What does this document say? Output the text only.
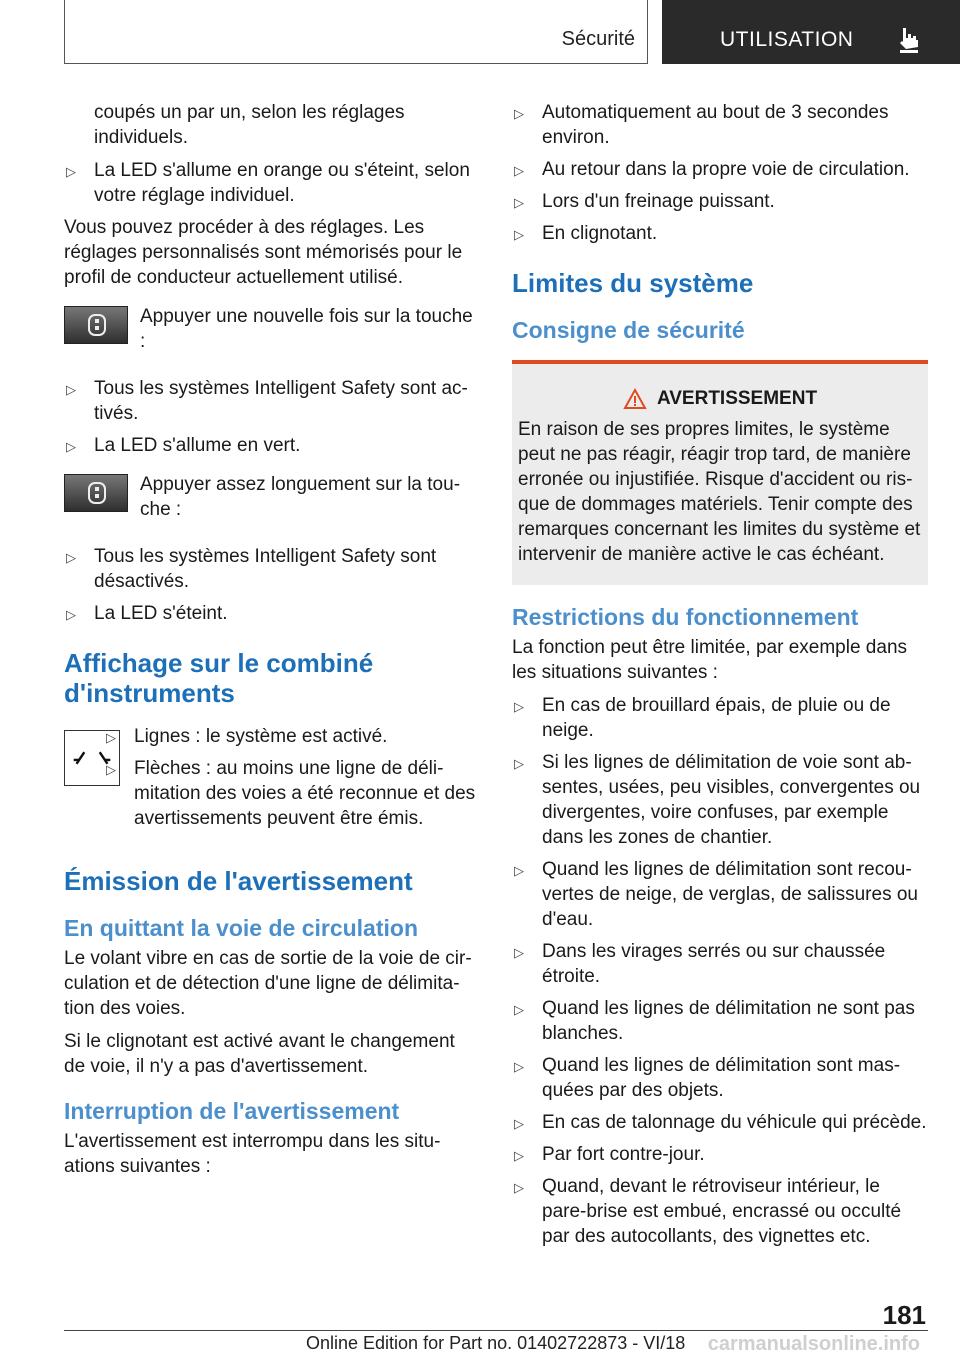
Sécurité	UTILISATION

coupés un par un, selon les réglages individuels.

▷ La LED s'allume en orange ou s'éteint, selon votre réglage individuel.

Vous pouvez procéder à des réglages. Les réglages personnalisés sont mémorisés pour le profil de conducteur actuellement utilisé.

Appuyer une nouvelle fois sur la touche :
▷ Tous les systèmes Intelligent Safety sont activés.
▷ La LED s'allume en vert.
Appuyer assez longuement sur la touche :
▷ Tous les systèmes Intelligent Safety sont désactivés.
▷ La LED s'éteint.
Affichage sur le combiné d'instruments
▷ Lignes : le système est activé.
▷ Flèches : au moins une ligne de délimitation des voies a été reconnue et des avertissements peuvent être émis.
Émission de l'avertissement
En quittant la voie de circulation

Le volant vibre en cas de sortie de la voie de circulation et de détection d'une ligne de délimitation des voies.

Si le clignotant est activé avant le changement de voie, il n'y a pas d'avertissement.

Interruption de l'avertissement

L'avertissement est interrompu dans les situations suivantes :

▷ Automatiquement au bout de 3 secondes environ.
▷ Au retour dans la propre voie de circulation.
▷ Lors d'un freinage puissant.
▷ En clignotant.
Limites du système
Consigne de sécurité
AVERTISSEMENT

En raison de ses propres limites, le système peut ne pas réagir, réagir trop tard, de manière erronée ou injustifiée. Risque d'accident ou risque de dommages matériels. Tenir compte des remarques concernant les limites du système et intervenir de manière active le cas échéant.

Restrictions du fonctionnement

La fonction peut être limitée, par exemple dans les situations suivantes :

▷ En cas de brouillard épais, de pluie ou de neige.
▷ Si les lignes de délimitation de voie sont absentes, usées, peu visibles, convergentes ou divergentes, voire confuses, par exemple dans les zones de chantier.
▷ Quand les lignes de délimitation sont recouvertes de neige, de verglas, de salissures ou d'eau.
▷ Dans les virages serrés ou sur chaussée étroite.
▷ Quand les lignes de délimitation ne sont pas blanches.
▷ Quand les lignes de délimitation sont masquées par des objets.
▷ En cas de talonnage du véhicule qui précède.
▷ Par fort contre-jour.
▷ Quand, devant le rétroviseur intérieur, le pare-brise est embué, encrassé ou occulté par des autocollants, des vignettes etc.
181
Online Edition for Part no. 01402722873 - VI/18 carmanualsonline.info
